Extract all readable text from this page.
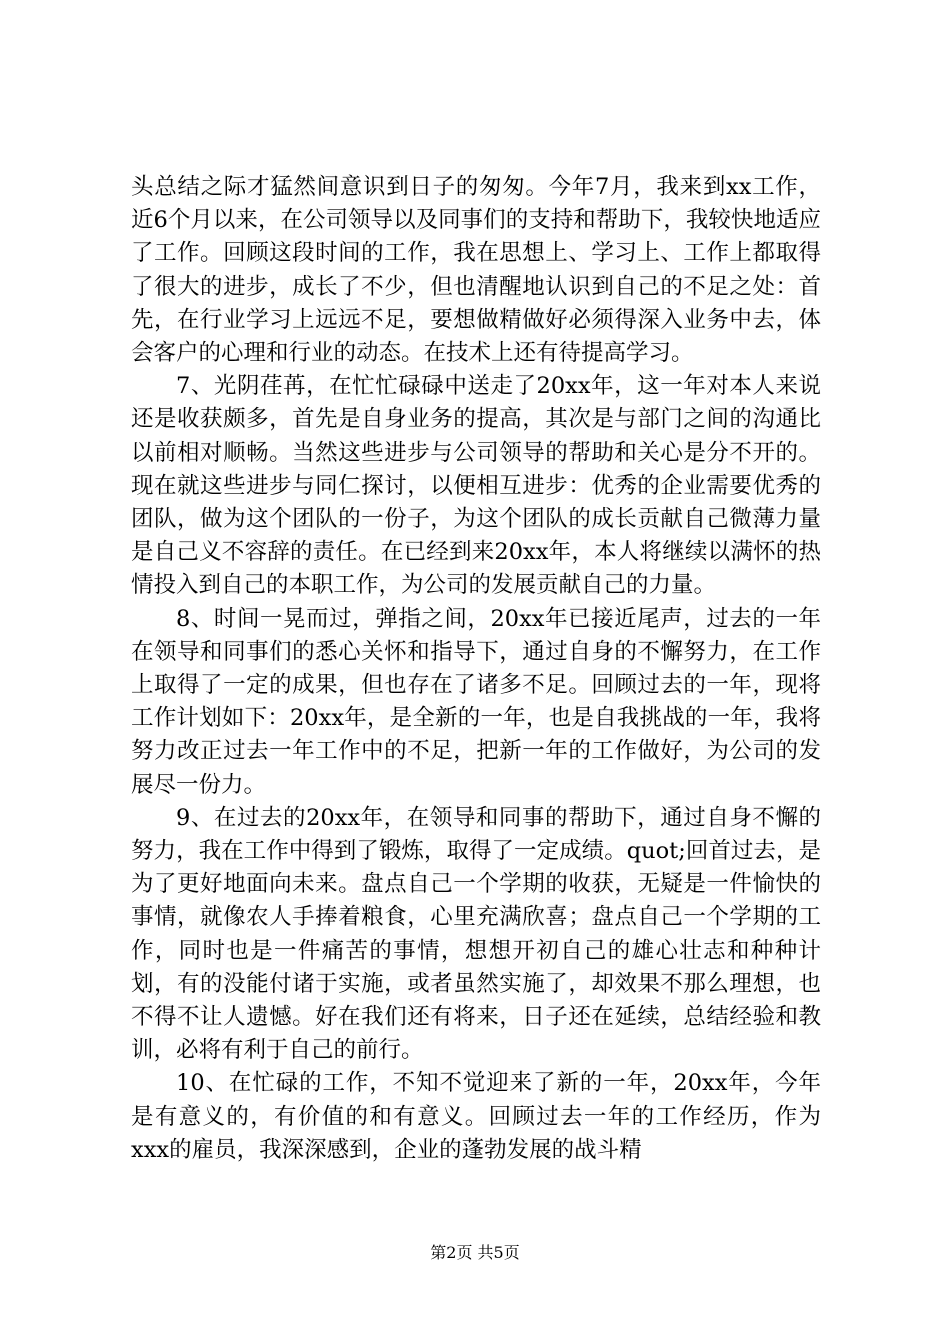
头总结之际才猛然间意识到日子的匆匆。今年7月，我来到xx工作，近6个月以来，在公司领导以及同事们的支持和帮助下，我较快地适应了工作。回顾这段时间的工作，我在思想上、学习上、工作上都取得了很大的进步，成长了不少，但也清醒地认识到自己的不足之处：首先，在行业学习上远远不足，要想做精做好必须得深入业务中去，体会客户的心理和行业的动态。在技术上还有待提高学习。

7、光阴荏苒，在忙忙碌碌中送走了20xx年，这一年对本人来说还是收获颇多，首先是自身业务的提高，其次是与部门之间的沟通比以前相对顺畅。当然这些进步与公司领导的帮助和关心是分不开的。现在就这些进步与同仁探讨，以便相互进步：优秀的企业需要优秀的团队，做为这个团队的一份子，为这个团队的成长贡献自己微薄力量是自己义不容辞的责任。在已经到来20xx年，本人将继续以满怀的热情投入到自己的本职工作，为公司的发展贡献自己的力量。

8、时间一晃而过，弹指之间，20xx年已接近尾声，过去的一年在领导和同事们的悉心关怀和指导下，通过自身的不懈努力，在工作上取得了一定的成果，但也存在了诸多不足。回顾过去的一年，现将工作计划如下：20xx年，是全新的一年，也是自我挑战的一年，我将努力改正过去一年工作中的不足，把新一年的工作做好，为公司的发展尽一份力。

9、在过去的20xx年，在领导和同事的帮助下，通过自身不懈的努力，我在工作中得到了锻炼，取得了一定成绩。quot;回首过去，是为了更好地面向未来。盘点自己一个学期的收获，无疑是一件愉快的事情，就像农人手捧着粮食，心里充满欣喜；盘点自己一个学期的工作，同时也是一件痛苦的事情，想想开初自己的雄心壮志和种种计划，有的没能付诸于实施，或者虽然实施了，却效果不那么理想，也不得不让人遗憾。好在我们还有将来，日子还在延续，总结经验和教训，必将有利于自己的前行。

10、在忙碌的工作，不知不觉迎来了新的一年，20xx年，今年是有意义的，有价值的和有意义。回顾过去一年的工作经历，作为xxx的雇员，我深深感到，企业的蓬勃发展的战斗精

第2页 共5页
